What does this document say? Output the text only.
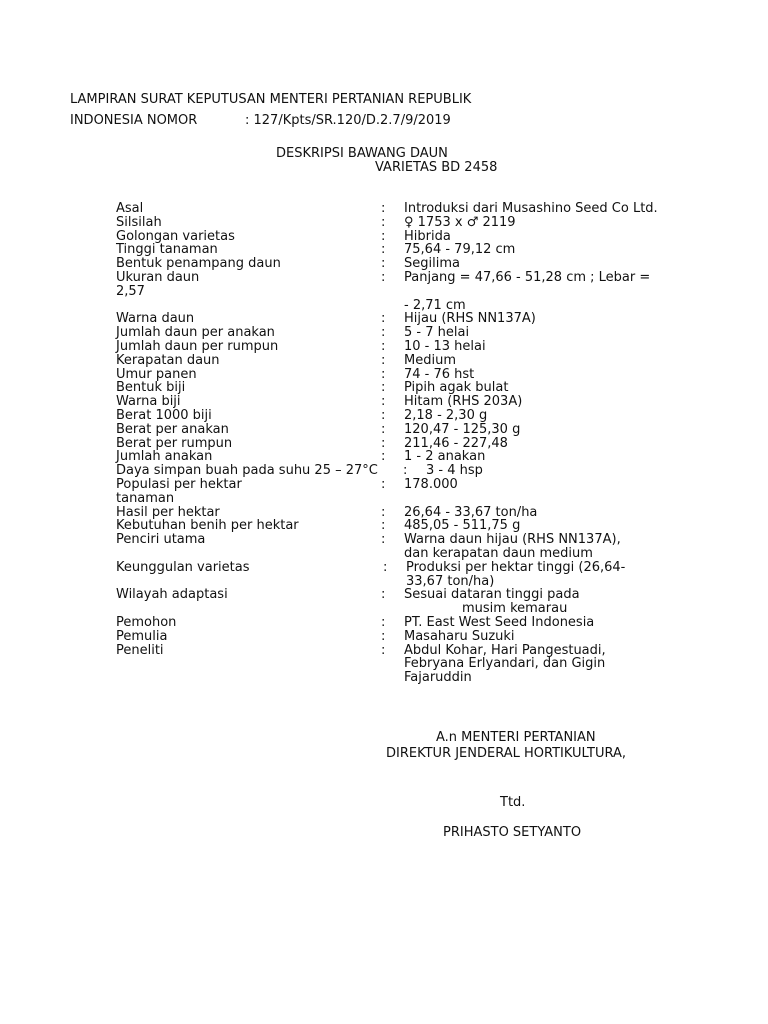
LAMPIRAN SURAT KEPUTUSAN MENTERI PERTANIAN REPUBLIK
INDONESIA NOMOR	: 127/Kpts/SR.120/D.2.7/9/2019
DESKRIPSI BAWANG DAUN
VARIETAS BD 2458
Asal	: Introduksi dari Musashino Seed Co Ltd.
Silsilah	: ♀ 1753 x ♂ 2119
Golongan varietas	: Hibrida
Tinggi tanaman	: 75,64 - 79,12 cm
Bentuk penampang daun	: Segilima
Ukuran daun	: Panjang = 47,66 - 51,28 cm ; Lebar =
2,57
- 2,71 cm
Warna daun	: Hijau (RHS NN137A)
Jumlah daun per anakan	: 5 - 7 helai
Jumlah daun per rumpun	: 10 - 13 helai
Kerapatan daun	: Medium
Umur panen	: 74 - 76 hst
Bentuk biji	: Pipih agak bulat
Warna biji	: Hitam (RHS 203A)
Berat 1000 biji	: 2,18 - 2,30 g
Berat per anakan	: 120,47 - 125,30 g
Berat per rumpun	: 211,46 - 227,48
Jumlah anakan	: 1 - 2 anakan
Daya simpan buah pada suhu 25 – 27°C : 3 - 4 hsp
Populasi per hektar	: 178.000
tanaman
Hasil per hektar	: 26,64 - 33,67 ton/ha
Kebutuhan benih per hektar	: 485,05 - 511,75 g
Penciri utama	: Warna daun hijau (RHS NN137A),
dan kerapatan daun medium
Keunggulan varietas	: Produksi per hektar tinggi (26,64-
33,67 ton/ha)
Wilayah adaptasi	: Sesuai dataran tinggi pada
musim kemarau
Pemohon	: PT. East West Seed Indonesia
Pemulia	: Masaharu Suzuki
Peneliti	: Abdul Kohar, Hari Pangestuadi,
Febryana Erlyandari, dan Gigin
Fajaruddin
A.n MENTERI PERTANIAN
DIREKTUR JENDERAL HORTIKULTURA,
Ttd.
PRIHASTO SETYANTO
